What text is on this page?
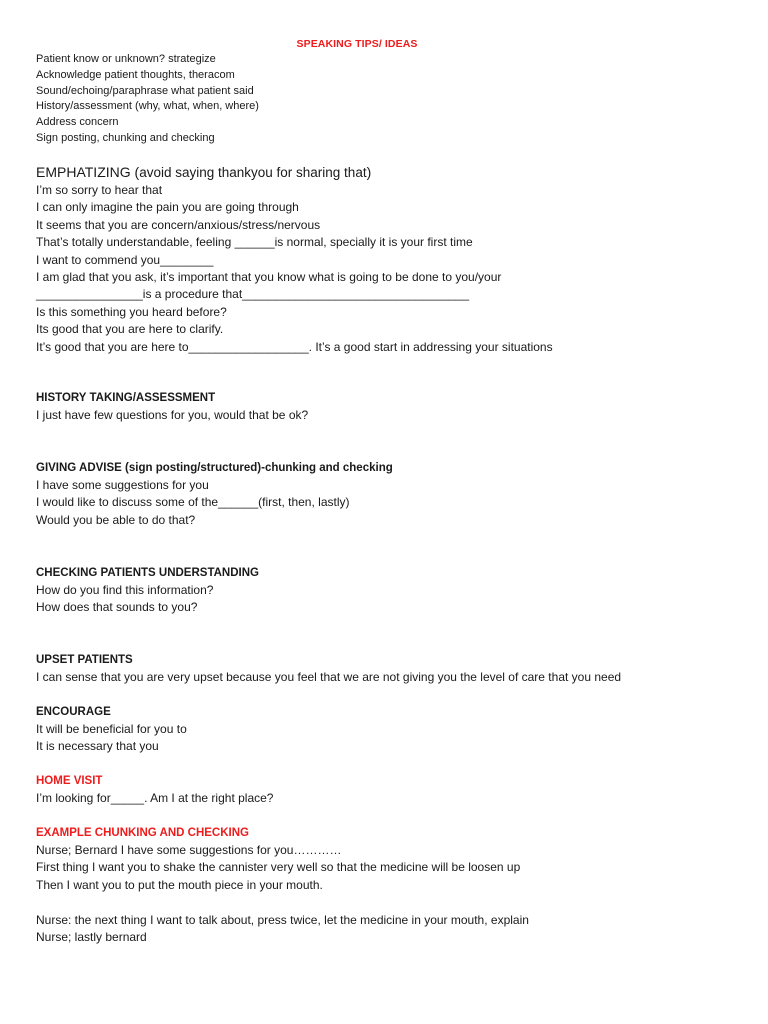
SPEAKING TIPS/ IDEAS
Patient know or unknown? strategize
Acknowledge patient thoughts, theracom
Sound/echoing/paraphrase what patient said
History/assessment (why, what, when, where)
Address concern
Sign posting, chunking and checking
EMPHATIZING (avoid saying thankyou for sharing that)
I’m so sorry to hear that
I can only imagine the pain you are going through
It seems that you are concern/anxious/stress/nervous
That’s totally understandable, feeling ______is normal, specially it is your first time
I want to commend you________
I am glad that you ask, it’s important that you know what is going to be done to you/your
________________is a procedure that__________________________________
Is this something you heard before?
Its good that you are here to clarify.
It’s good that you are here to__________________. It’s a good start in addressing your situations
HISTORY TAKING/ASSESSMENT
I just have few questions for you, would that be ok?
GIVING ADVISE (sign posting/structured)-chunking and checking
I have some suggestions for you
I would like to discuss some of the______(first, then, lastly)
Would you be able to do that?
CHECKING PATIENTS UNDERSTANDING
How do you find this information?
How does that sounds to you?
UPSET PATIENTS
I can sense that you are very upset because you feel that we are not giving you the level of care that you need
ENCOURAGE
It will be beneficial for you to
It is necessary that you
HOME VISIT
I’m looking for_____. Am I at the right place?
EXAMPLE CHUNKING AND CHECKING
Nurse; Bernard I have some suggestions for you…………
First thing I want you to shake the cannister very well so that the medicine will be loosen up
Then I want you to put the mouth piece in your mouth.
Nurse: the next thing I want to talk about, press twice, let the medicine in your mouth, explain
Nurse; lastly bernard
